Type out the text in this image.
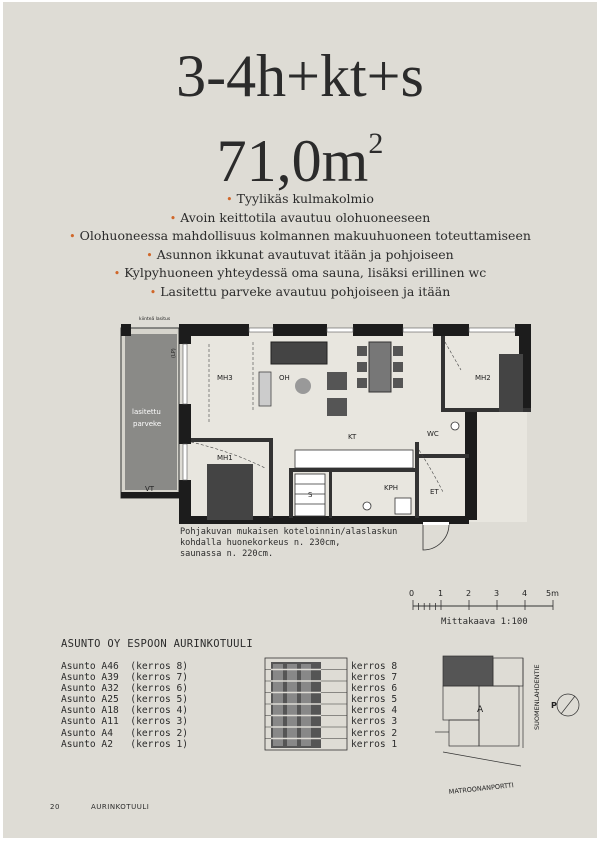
3-4h+kt+s
$71,0m^2$
• Tyylikäs kulmakolmio
• Avoin keittotila avautuu olohuoneeseen
• Olohuoneessa mahdollisuus kolmannen makuuhuoneen toteuttamiseen
• Asunnon ikkunat avautuvat itään ja pohjoiseen
• Kylpyhuoneen yhteydessä oma sauna, lisäksi erillinen wc
• Lasitettu parveke avautuu pohjoiseen ja itään
MH3	OH
KT
MH2
MH1
KPH	ET
WC
S
VT
lasitettu
parveke
kiinteä lasitus
(LP)
0	1	2	3	4 5m
A	P
SUOMENLAHDENTIE
MATROONANPORTTI
Pohjakuvan mukaisen koteloinnin/alaslaskun
kohdalla huonekorkeus n. 230cm,
saunassa n. 220cm.
Mittakaava 1:100
ASUNTO OY ESPOON AURINKOTUULI
Asunto A46  (kerros 8)
Asunto A39  (kerros 7)
Asunto A32  (kerros 6)
Asunto A25  (kerros 5)
Asunto A18  (kerros 4)
Asunto A11  (kerros 3)
Asunto A4   (kerros 2)
Asunto A2   (kerros 1)
kerros 8
kerros 7
kerros 6
kerros 5
kerros 4
kerros 3
kerros 2
kerros 1
20	AURINKOTUULI
